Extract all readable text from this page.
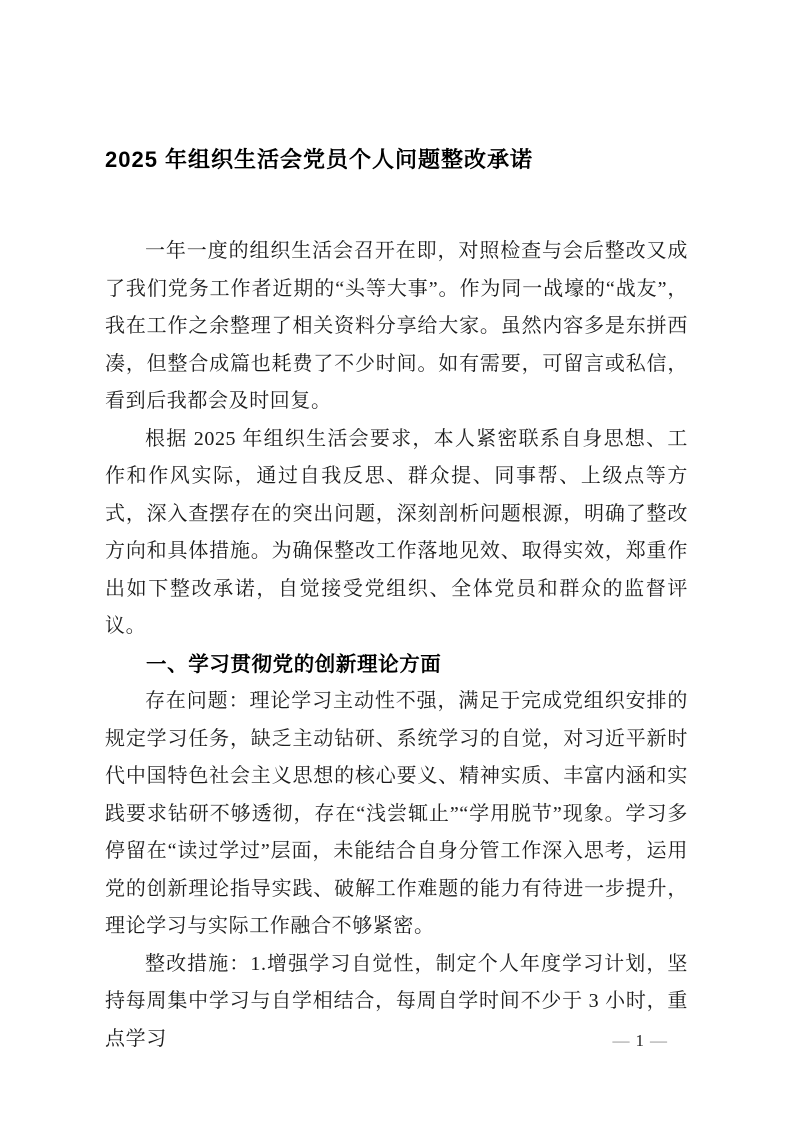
2025 年组织生活会党员个人问题整改承诺

一年一度的组织生活会召开在即，对照检查与会后整改又成了我们党务工作者近期的“头等大事”。作为同一战壕的“战友”，我在工作之余整理了相关资料分享给大家。虽然内容多是东拼西凑，但整合成篇也耗费了不少时间。如有需要，可留言或私信，看到后我都会及时回复。

根据 2025 年组织生活会要求，本人紧密联系自身思想、工作和作风实际，通过自我反思、群众提、同事帮、上级点等方式，深入查摆存在的突出问题，深刻剖析问题根源，明确了整改方向和具体措施。为确保整改工作落地见效、取得实效，郑重作出如下整改承诺，自觉接受党组织、全体党员和群众的监督评议。

一、学习贯彻党的创新理论方面

存在问题：理论学习主动性不强，满足于完成党组织安排的规定学习任务，缺乏主动钻研、系统学习的自觉，对习近平新时代中国特色社会主义思想的核心要义、精神实质、丰富内涵和实践要求钻研不够透彻，存在“浅尝辄止”“学用脱节”现象。学习多停留在“读过学过”层面，未能结合自身分管工作深入思考，运用党的创新理论指导实践、破解工作难题的能力有待进一步提升，理论学习与实际工作融合不够紧密。

整改措施：1.增强学习自觉性，制定个人年度学习计划，坚持每周集中学习与自学相结合，每周自学时间不少于 3 小时，重点学习	— 1 —
